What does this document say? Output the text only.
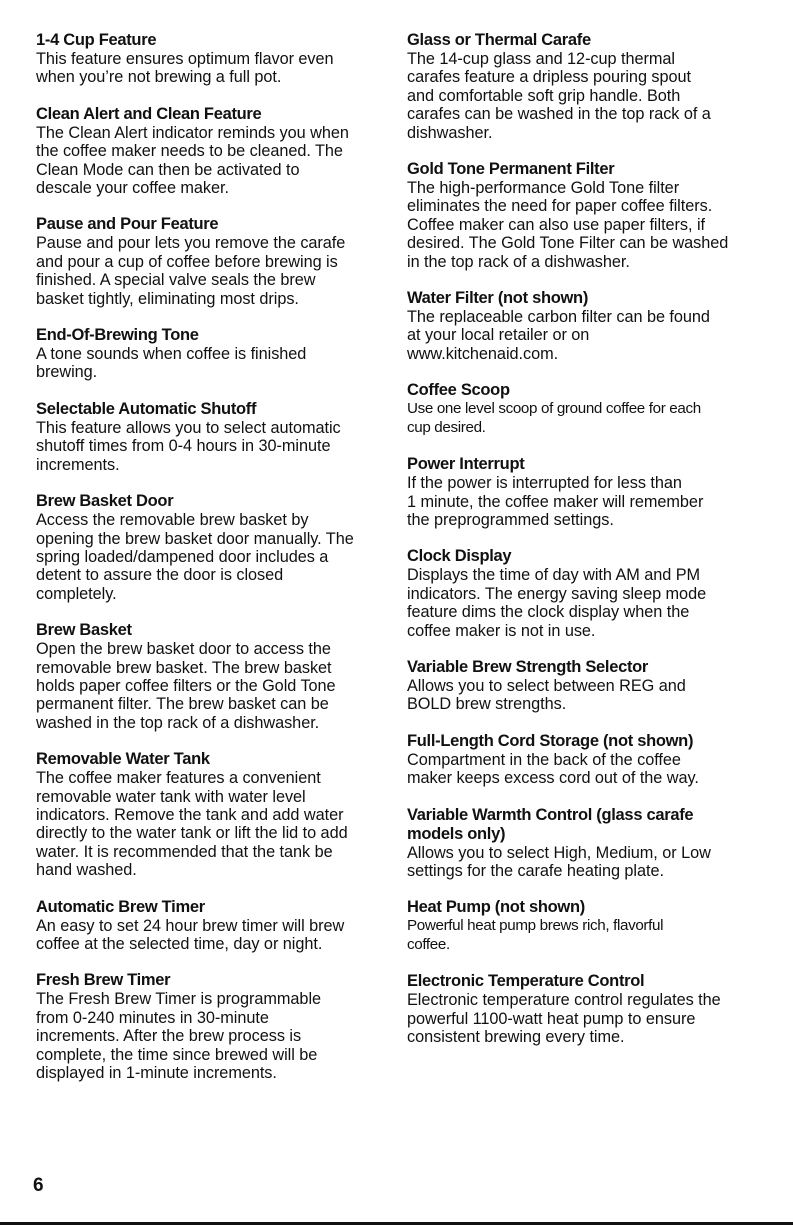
1-4 Cup Feature

This feature ensures optimum flavor even
when you’re not brewing a full pot.

Clean Alert and Clean Feature

The Clean Alert indicator reminds you when
the coffee maker needs to be cleaned. The
Clean Mode can then be activated to
descale your coffee maker.

Pause and Pour Feature

Pause and pour lets you remove the carafe
and pour a cup of coffee before brewing is
finished. A special valve seals the brew
basket tightly, eliminating most drips.

End-Of-Brewing Tone

A tone sounds when coffee is finished
brewing.

Selectable Automatic Shutoff

This feature allows you to select automatic
shutoff times from 0-4 hours in 30-minute
increments.

Brew Basket Door

Access the removable brew basket by
opening the brew basket door manually. The
spring loaded/dampened door includes a
detent to assure the door is closed
completely.

Brew Basket

Open the brew basket door to access the
removable brew basket. The brew basket
holds paper coffee filters or the Gold Tone
permanent filter. The brew basket can be
washed in the top rack of a dishwasher.

Removable Water Tank

The coffee maker features a convenient
removable water tank with water level
indicators. Remove the tank and add water
directly to the water tank or lift the lid to add
water. It is recommended that the tank be
hand washed.

Automatic Brew Timer

An easy to set 24 hour brew timer will brew
coffee at the selected time, day or night.

Fresh Brew Timer

The Fresh Brew Timer is programmable
from 0-240 minutes in 30-minute
increments. After the brew process is
complete, the time since brewed will be
displayed in 1-minute increments.

Glass or Thermal Carafe

The 14-cup glass and 12-cup thermal
carafes feature a dripless pouring spout
and comfortable soft grip handle. Both
carafes can be washed in the top rack of a
dishwasher.

Gold Tone Permanent Filter

The high-performance Gold Tone filter
eliminates the need for paper coffee filters.
Coffee maker can also use paper filters, if
desired. The Gold Tone Filter can be washed
in the top rack of a dishwasher.

Water Filter (not shown)

The replaceable carbon filter can be found
at your local retailer or on
www.kitchenaid.com.

Coffee Scoop

Use one level scoop of ground coffee for each
cup desired.

Power Interrupt

If the power is interrupted for less than
1 minute, the coffee maker will remember
the preprogrammed settings.

Clock Display

Displays the time of day with AM and PM
indicators. The energy saving sleep mode
feature dims the clock display when the
coffee maker is not in use.

Variable Brew Strength Selector

Allows you to select between REG and
BOLD brew strengths.

Full-Length Cord Storage (not shown)

Compartment in the back of the coffee
maker keeps excess cord out of the way.

Variable Warmth Control (glass carafe
models only)

Allows you to select High, Medium, or Low
settings for the carafe heating plate.

Heat Pump (not shown)

Powerful heat pump brews rich, flavorful
coffee.

Electronic Temperature Control

Electronic temperature control regulates the
powerful 1100-watt heat pump to ensure
consistent brewing every time.

6
